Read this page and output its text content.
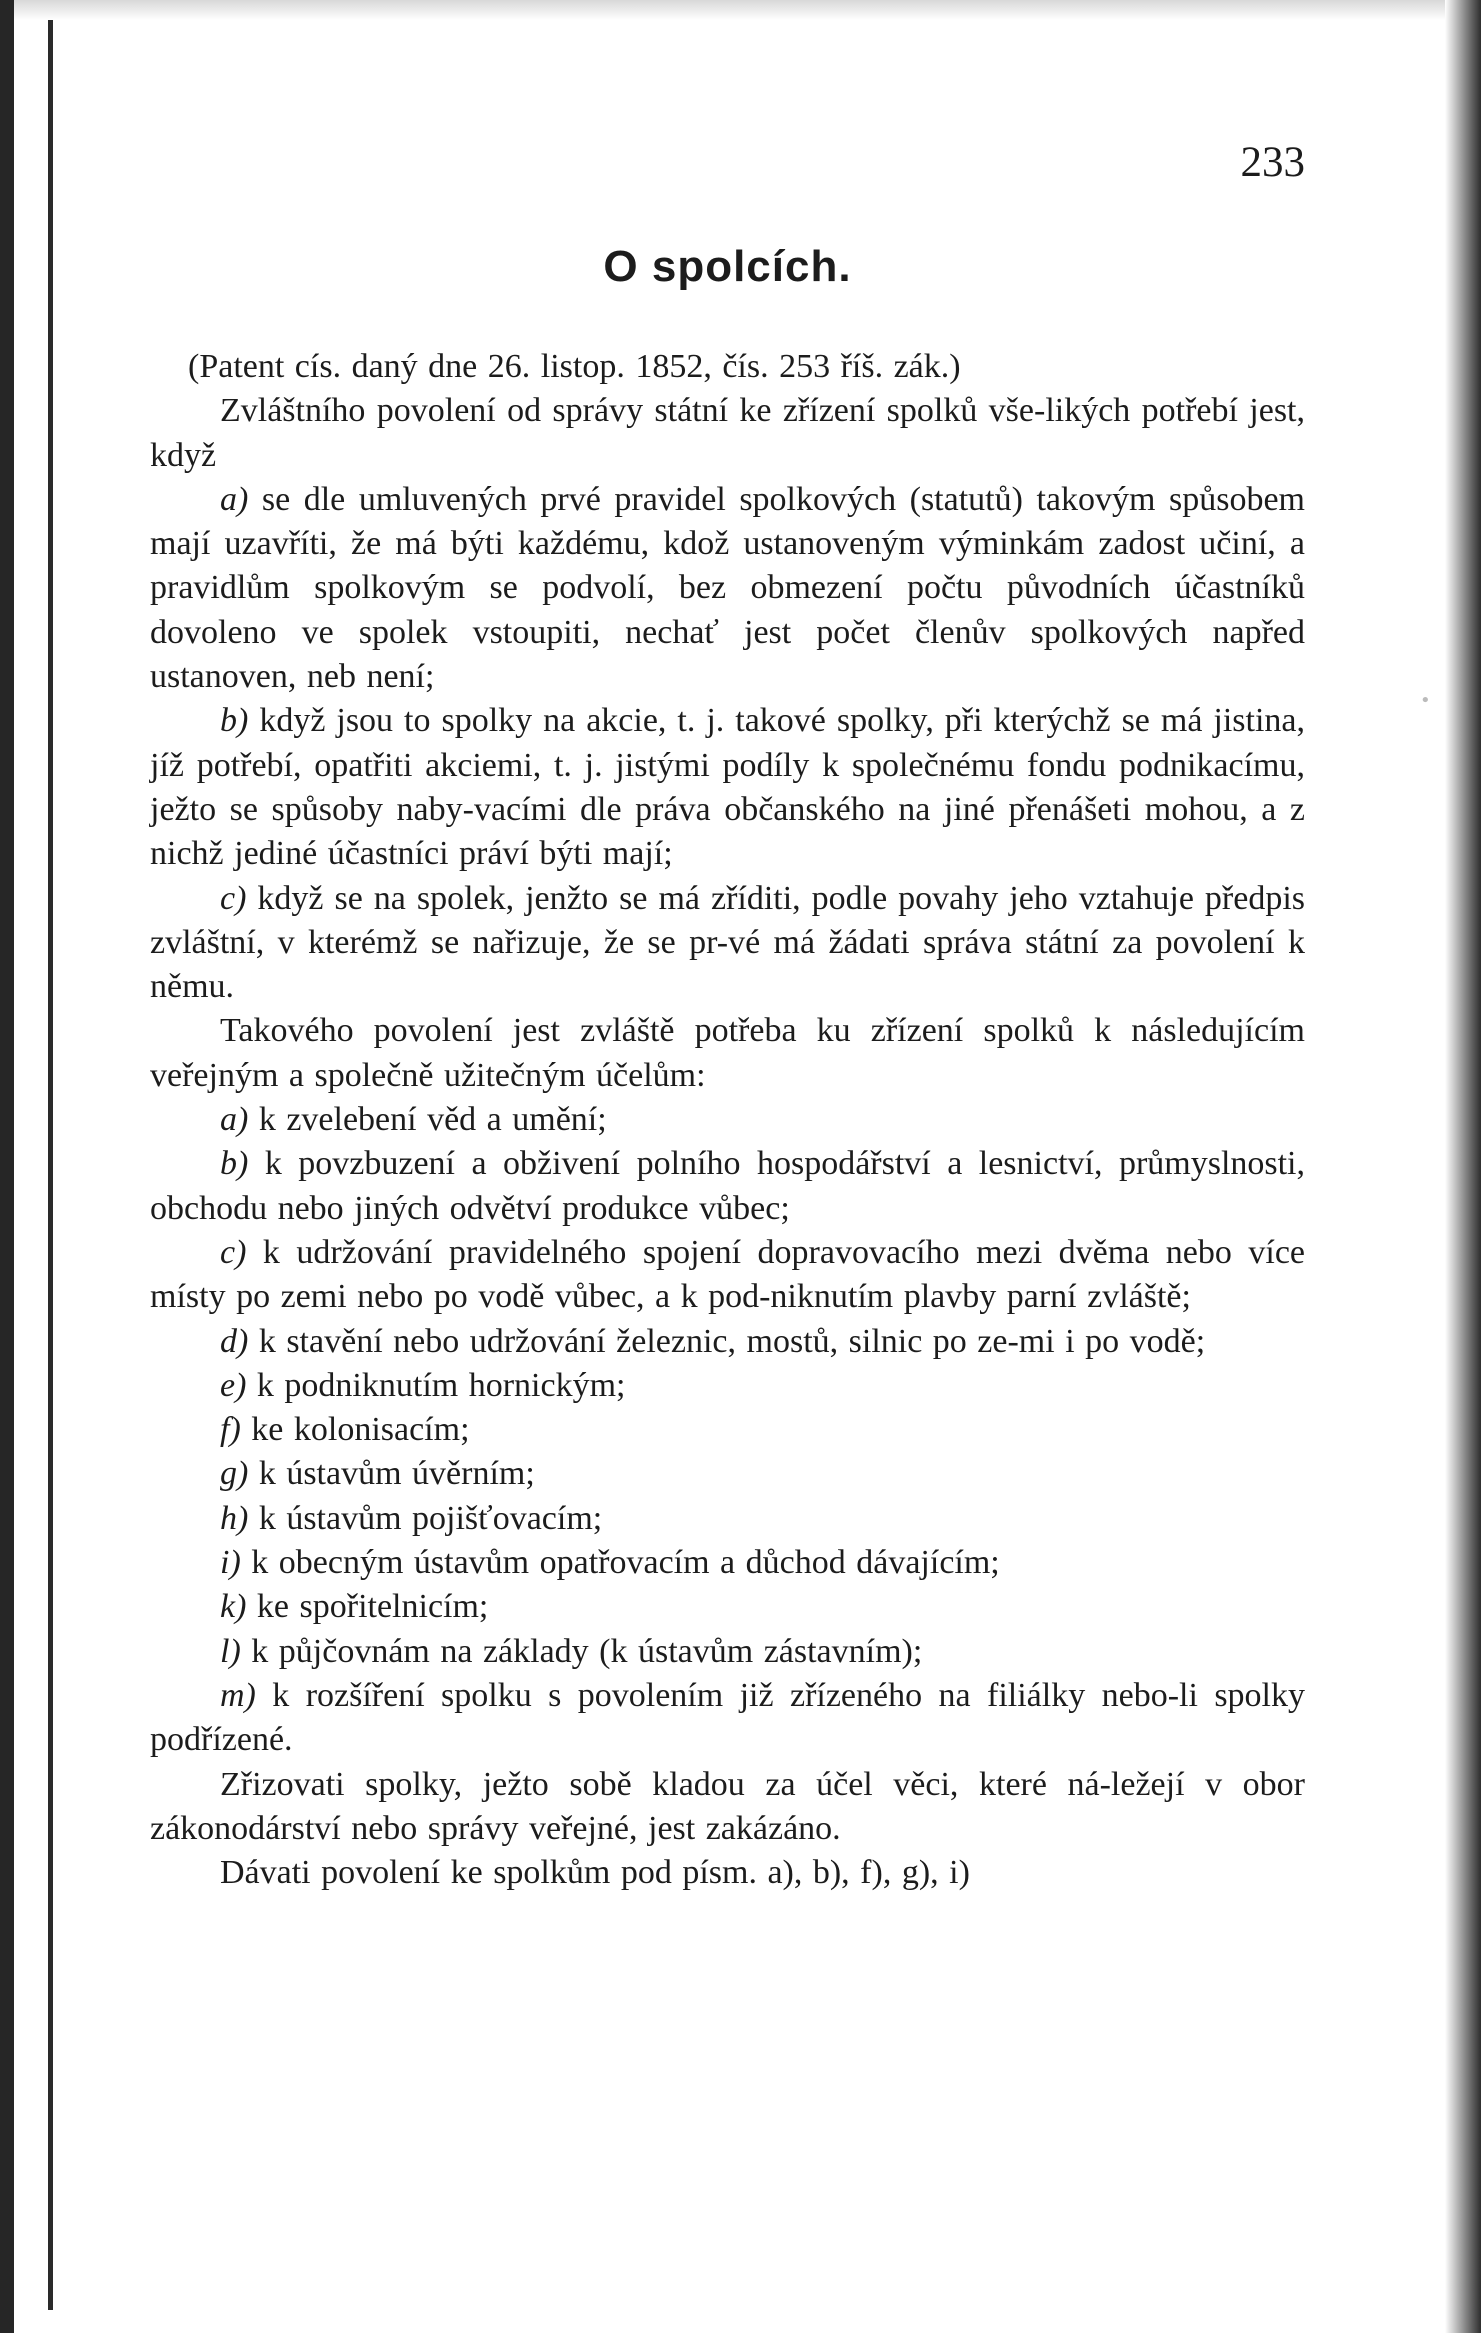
•
233
O spolcích.

(Patent cís. daný dne 26. listop. 1852, čís. 253 říš. zák.)

Zvláštního povolení od správy státní ke zřízení spolků vše-likých potřebí jest, když

a) se dle umluvených prvé pravidel spolkových (statutů) takovým spůsobem mají uzavříti, že má býti každému, kdož ustanoveným výminkám zadost učiní, a pravidlům spolkovým se podvolí, bez obmezení počtu původních účastníků dovoleno ve spolek vstoupiti, nechať jest počet členův spolkových napřed ustanoven, neb není;

b) když jsou to spolky na akcie, t. j. takové spolky, při kterýchž se má jistina, jíž potřebí, opatřiti akciemi, t. j. jistými podíly k společnému fondu podnikacímu, ježto se spůsoby naby-vacími dle práva občanského na jiné přenášeti mohou, a z nichž jediné účastníci práví býti mají;

c) když se na spolek, jenžto se má zříditi, podle povahy jeho vztahuje předpis zvláštní, v kterémž se nařizuje, že se pr-vé má žádati správa státní za povolení k němu.

Takového povolení jest zvláště potřeba ku zřízení spolků k následujícím veřejným a společně užitečným účelům:

a) k zvelebení věd a umění;

b) k povzbuzení a obživení polního hospodářství a lesnictví, průmyslnosti, obchodu nebo jiných odvětví produkce vůbec;

c) k udržování pravidelného spojení dopravovacího mezi dvěma nebo více místy po zemi nebo po vodě vůbec, a k pod-niknutím plavby parní zvláště;

d) k stavění nebo udržování železnic, mostů, silnic po ze-mi i po vodě;

e) k podniknutím hornickým;

f) ke kolonisacím;

g) k ústavům úvěrním;

h) k ústavům pojišťovacím;

i) k obecným ústavům opatřovacím a důchod dávajícím;

k) ke spořitelnicím;

l) k půjčovnám na základy (k ústavům zástavním);

m) k rozšíření spolku s povolením již zřízeného na filiálky nebo-li spolky podřízené.

Zřizovati spolky, ježto sobě kladou za účel věci, které ná-ležejí v obor zákonodárství nebo správy veřejné, jest zakázáno.

Dávati povolení ke spolkům pod písm. a), b), f), g), i)
